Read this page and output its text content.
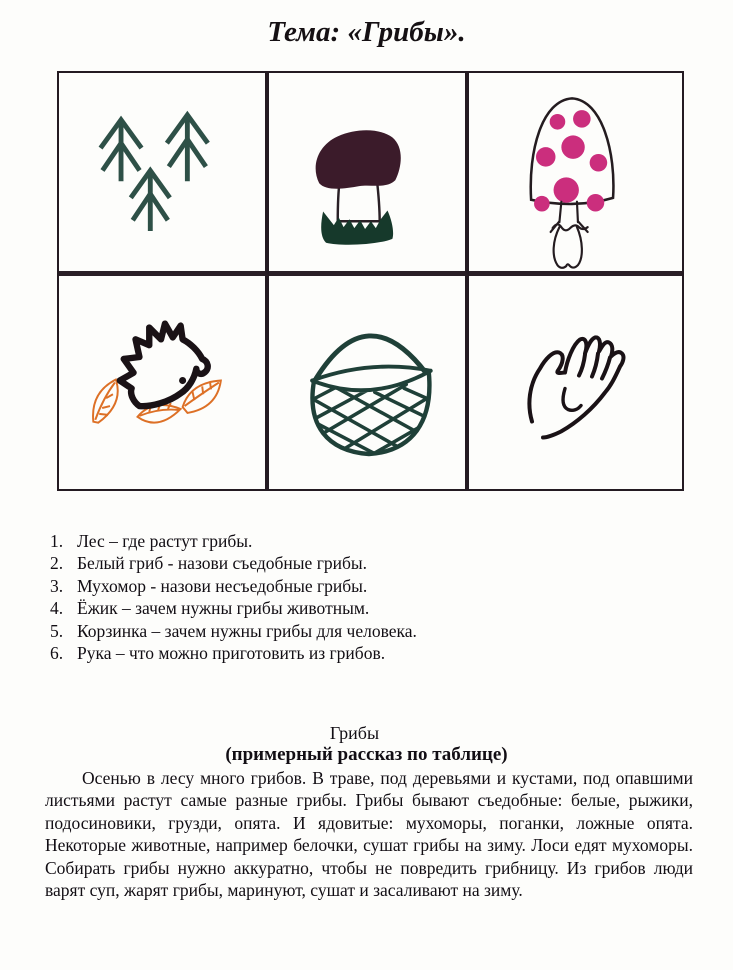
Тема: «Грибы».
1. Лес – где растут грибы.
2. Белый гриб - назови съедобные грибы.
3. Мухомор - назови несъедобные грибы.
4. Ёжик – зачем нужны грибы животным.
5. Корзинка – зачем нужны грибы для человека.
6. Рука – что можно приготовить из грибов.
Грибы
(примерный рассказ по таблице)

Осенью в лесу много грибов. В траве, под деревьями и кустами, под опавшими листьями растут самые разные грибы. Грибы бывают съедобные: белые, рыжики, подосиновики, грузди, опята. И ядовитые: мухоморы, поганки, ложные опята. Некоторые животные, например белочки, сушат грибы на зиму. Лоси едят мухоморы. Собирать грибы нужно аккуратно, чтобы не повредить грибницу. Из грибов люди варят суп, жарят грибы, маринуют, сушат и засаливают на зиму.
